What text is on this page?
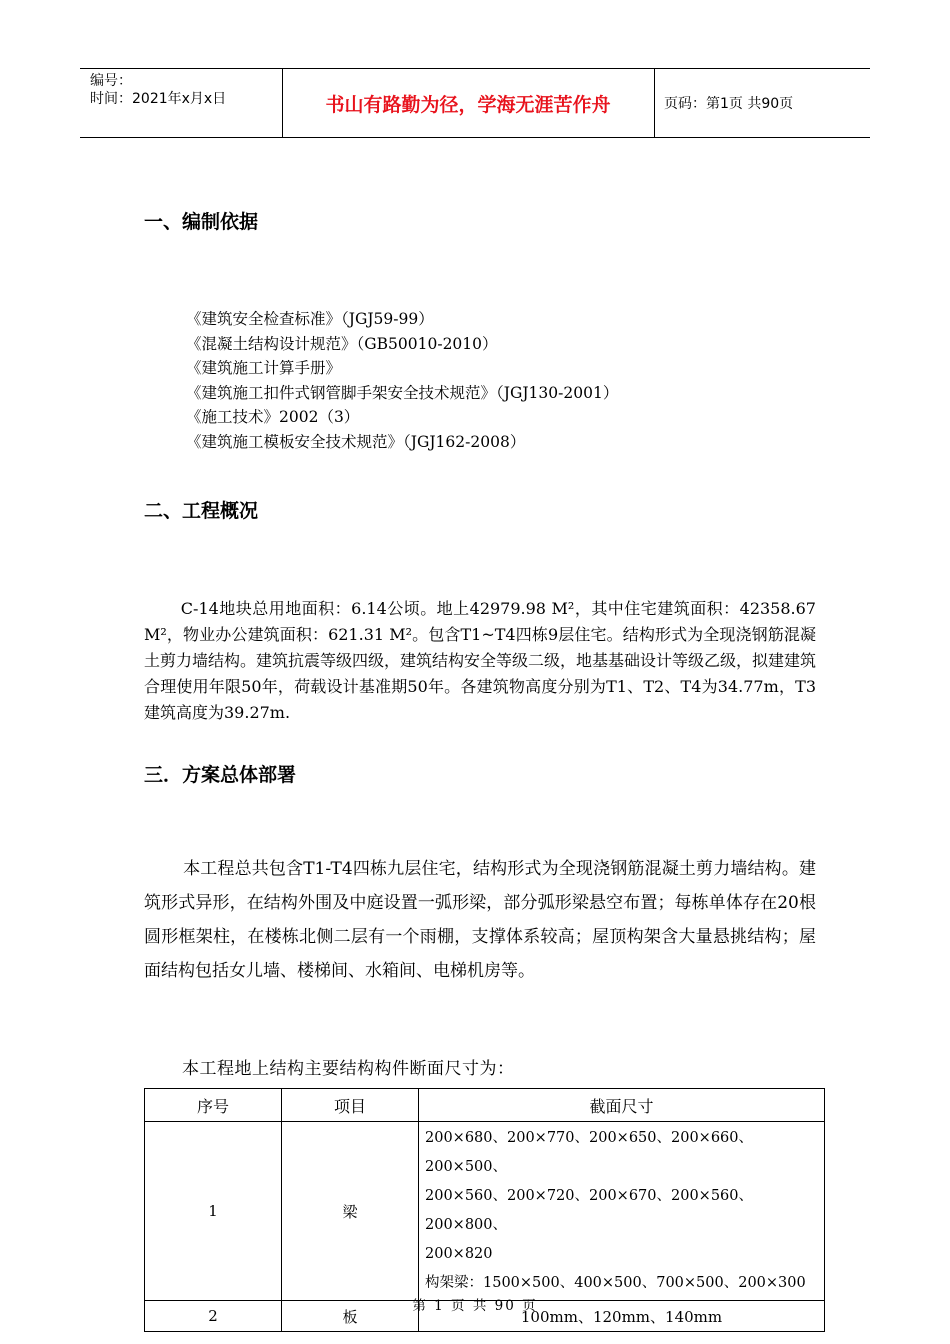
编号：
时间：2021年x月x日	书山有路勤为径，学海无涯苦作舟	页码：第1页 共90页
一、编制依据
《建筑安全检查标准》（JGJ59-99）
《混凝土结构设计规范》（GB50010-2010）
《建筑施工计算手册》
《建筑施工扣件式钢管脚手架安全技术规范》（JGJ130-2001）
《施工技术》2002（3）
《建筑施工模板安全技术规范》（JGJ162-2008）
二、工程概况
C-14地块总用地面积：6.14公顷。地上42979.98 M²，其中住宅建筑面积：42358.67 M²，物业办公建筑面积：621.31 M²。包含T1~T4四栋9层住宅。结构形式为全现浇钢筋混凝土剪力墙结构。建筑抗震等级四级，建筑结构安全等级二级，地基基础设计等级乙级，拟建建筑合理使用年限50年，荷载设计基准期50年。各建筑物高度分别为T1、T2、T4为34.77m，T3建筑高度为39.27m.
三．方案总体部署
本工程总共包含T1-T4四栋九层住宅，结构形式为全现浇钢筋混凝土剪力墙结构。建筑形式异形，在结构外围及中庭设置一弧形梁，部分弧形梁悬空布置；每栋单体存在20根圆形框架柱，在楼栋北侧二层有一个雨棚，支撑体系较高；屋顶构架含大量悬挑结构；屋面结构包括女儿墙、楼梯间、水箱间、电梯机房等。
本工程地上结构主要结构构件断面尺寸为：
序号	项目	截面尺寸
1	梁	200×680、200×770、200×650、200×660、200×500、
200×560、200×720、200×670、200×560、200×800、
200×820
构架梁：1500×500、400×500、700×500、200×300

2	板	100mm、120mm、140mm
第 1 页 共 90 页
